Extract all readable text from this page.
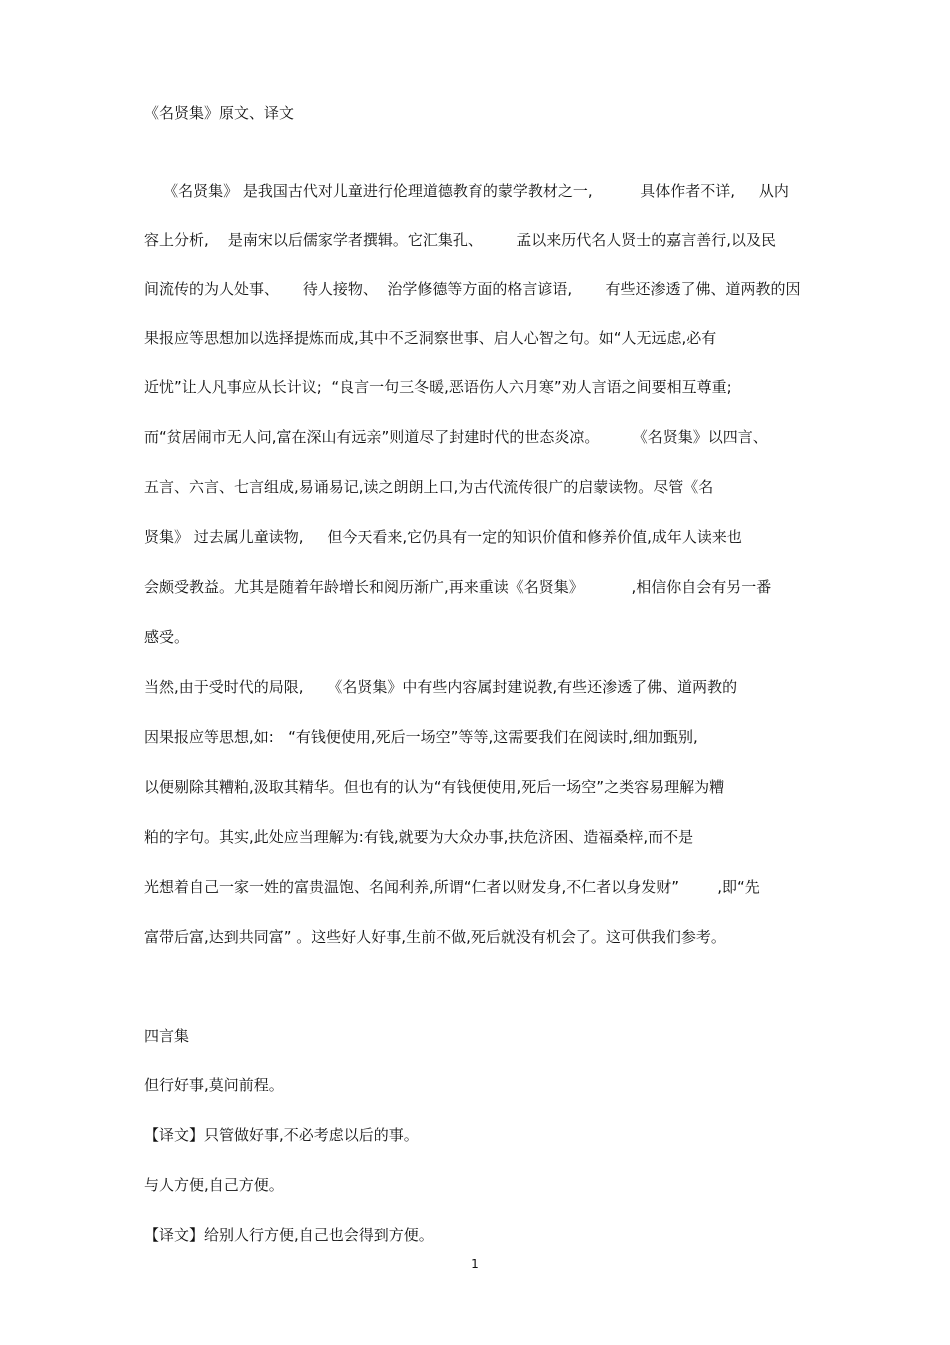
《名贤集》原文、译文
《名贤集》 是我国古代对儿童进行伦理道德教育的蒙学教材之一,          具体作者不详,     从内
容上分析,    是南宋以后儒家学者撰辑。它汇集孔、       孟以来历代名人贤士的嘉言善行,以及民
间流传的为人处事、     待人接物、  治学修德等方面的格言谚语,       有些还渗透了佛、道两教的因
果报应等思想加以选择提炼而成,其中不乏洞察世事、启人心智之句。如“人无远虑,必有
近忧”让人凡事应从长计议;  “良言一句三冬暖,恶语伤人六月寒”劝人言语之间要相互尊重;
而“贫居闹市无人问,富在深山有远亲”则道尽了封建时代的世态炎凉。       《名贤集》以四言、
五言、六言、七言组成,易诵易记,读之朗朗上口,为古代流传很广的启蒙读物。尽管《名
贤集》 过去属儿童读物,     但今天看来,它仍具有一定的知识价值和修养价值,成年人读来也
会颇受教益。尤其是随着年龄增长和阅历渐广,再来重读《名贤集》          ,相信你自会有另一番
感受。
当然,由于受时代的局限,     《名贤集》中有些内容属封建说教,有些还渗透了佛、道两教的
因果报应等思想,如:   “有钱便使用,死后一场空”等等,这需要我们在阅读时,细加甄别,
以便剔除其糟粕,汲取其精华。但也有的认为“有钱便使用,死后一场空”之类容易理解为糟
粕的字句。其实,此处应当理解为:有钱,就要为大众办事,扶危济困、造福桑梓,而不是
光想着自己一家一姓的富贵温饱、名闻利养,所谓“仁者以财发身,不仁者以身发财”        ,即“先
富带后富,达到共同富” 。这些好人好事,生前不做,死后就没有机会了。这可供我们参考。
四言集
但行好事,莫问前程。
【译文】只管做好事,不必考虑以后的事。
与人方便,自己方便。
【译文】给别人行方便,自己也会得到方便。
1
